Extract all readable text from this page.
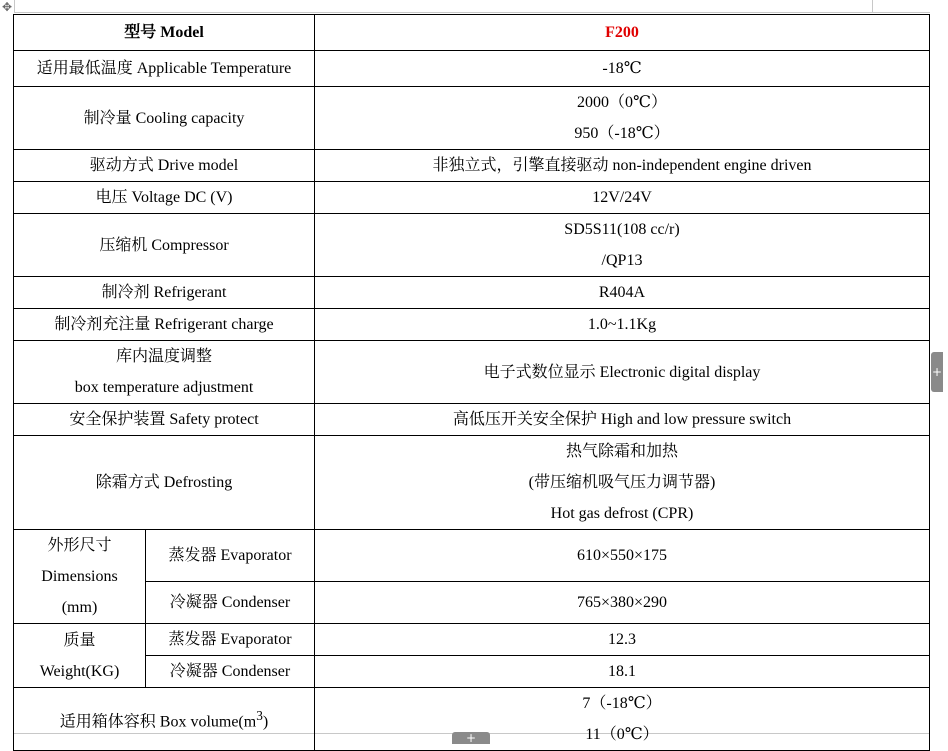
✥
型号 Model		F200
适用最低温度 Applicable Temperature		-18℃
制冷量 Cooling capacity		2000（0℃）
950（-18℃）

驱动方式 Drive model		非独立式，引擎直接驱动 non-independent engine driven
电压 Voltage DC (V)		12V/24V
压缩机 Compressor		SD5S11(108 cc/r)
/QP13

制冷剂 Refrigerant		R404A
制冷剂充注量 Refrigerant charge		1.0~1.1Kg

库内温度调整
box temperature adjustment		电子式数位显示 Electronic digital display
安全保护装置 Safety protect		高低压开关安全保护 High and low pressure switch
除霜方式 Defrosting		热气除霜和加热
(带压缩机吸气压力调节器)
Hot gas defrost (CPR)

外形尺寸
Dimensions
(mm)	蒸发器 Evaporator	610×550×175
	冷凝器 Condenser	765×380×290

质量
Weight(KG)	蒸发器 Evaporator	12.3
	冷凝器 Condenser	18.1
适用箱体容积 Box $volume(m^3)$		7（-18℃）
11（0℃）
+
+
